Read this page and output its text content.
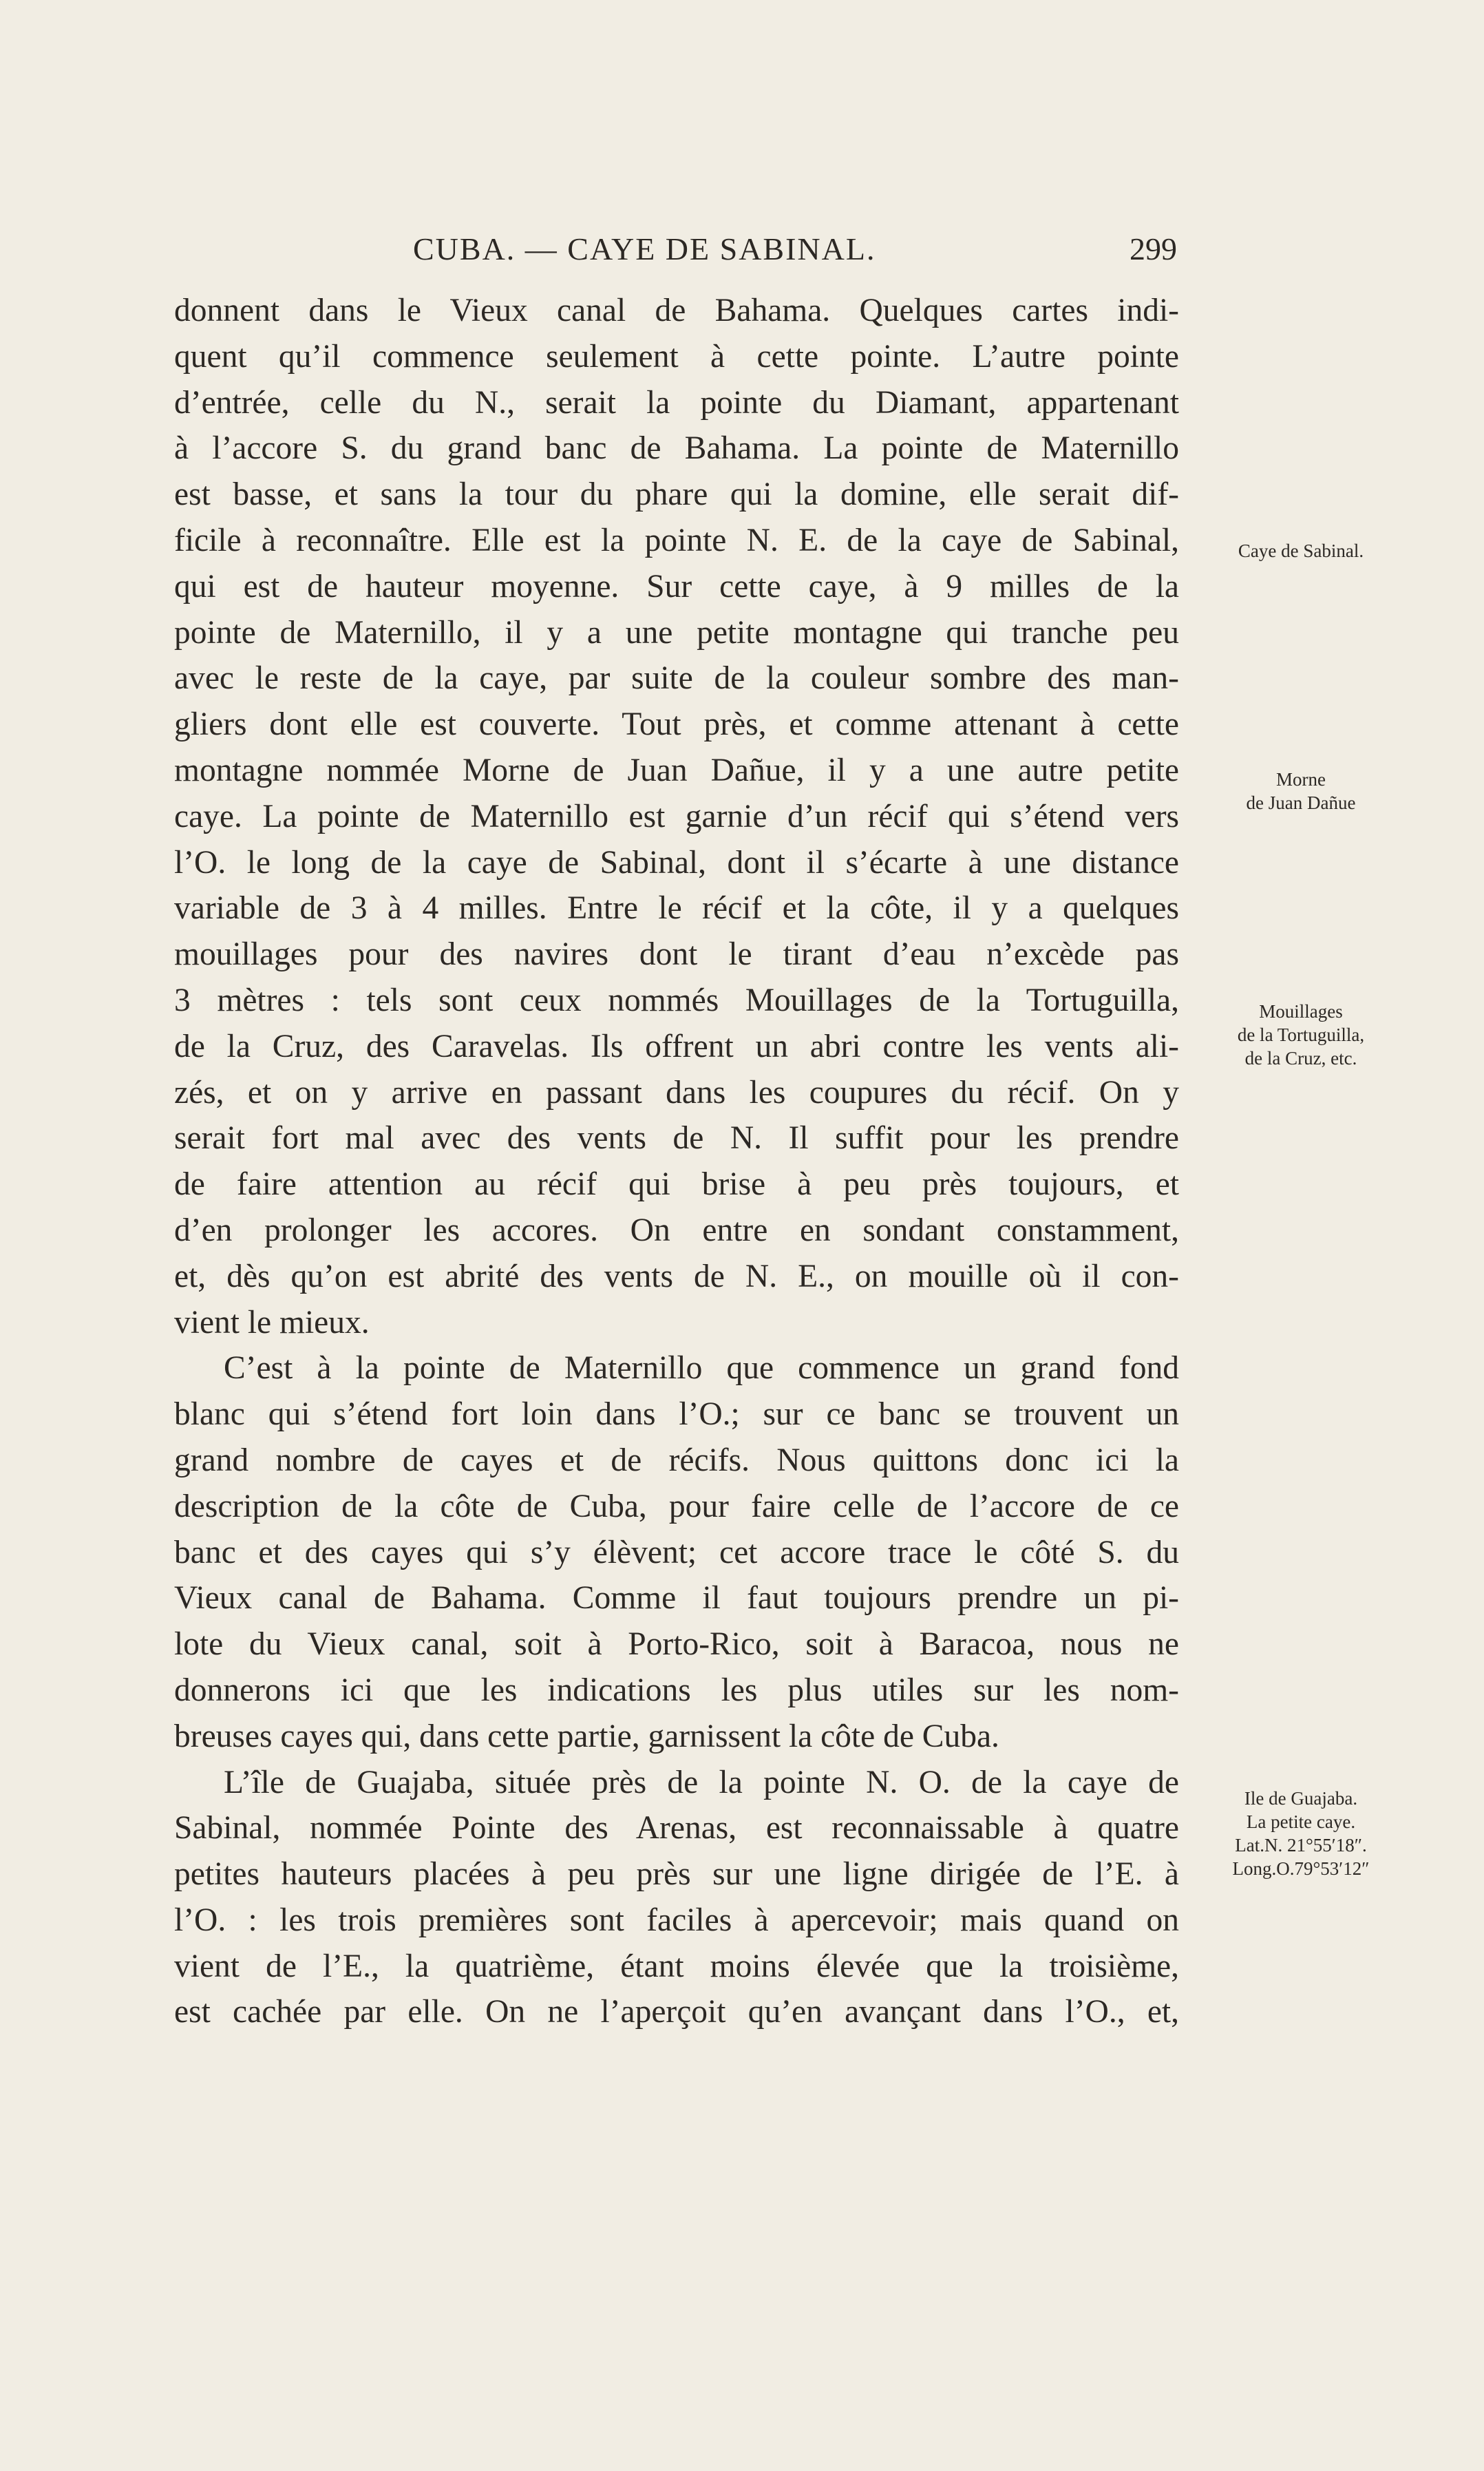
CUBA. — CAYE DE SABINAL.	299
donnent dans le Vieux canal de Bahama. Quelques cartes indi-
quent qu’il commence seulement à cette pointe. L’autre pointe
d’entrée, celle du N., serait la pointe du Diamant, appartenant
à l’accore S. du grand banc de Bahama. La pointe de Maternillo
est basse, et sans la tour du phare qui la domine, elle serait dif-
ficile à reconnaître. Elle est la pointe N. E. de la caye de Sabinal,
qui est de hauteur moyenne. Sur cette caye, à 9 milles de la
pointe de Maternillo, il y a une petite montagne qui tranche peu
avec le reste de la caye, par suite de la couleur sombre des man-
gliers dont elle est couverte. Tout près, et comme attenant à cette
montagne nommée Morne de Juan Dañue, il y a une autre petite
caye. La pointe de Maternillo est garnie d’un récif qui s’étend vers
l’O. le long de la caye de Sabinal, dont il s’écarte à une distance
variable de 3 à 4 milles. Entre le récif et la côte, il y a quelques
mouillages pour des navires dont le tirant d’eau n’excède pas
3 mètres : tels sont ceux nommés Mouillages de la Tortuguilla,
de la Cruz, des Caravelas. Ils offrent un abri contre les vents ali-
zés, et on y arrive en passant dans les coupures du récif. On y
serait fort mal avec des vents de N. Il suffit pour les prendre
de faire attention au récif qui brise à peu près toujours, et
d’en prolonger les accores. On entre en sondant constamment,
et, dès qu’on est abrité des vents de N. E., on mouille où il con-
vient le mieux.
C’est à la pointe de Maternillo que commence un grand fond
blanc qui s’étend fort loin dans l’O.; sur ce banc se trouvent un
grand nombre de cayes et de récifs. Nous quittons donc ici la
description de la côte de Cuba, pour faire celle de l’accore de ce
banc et des cayes qui s’y élèvent; cet accore trace le côté S. du
Vieux canal de Bahama. Comme il faut toujours prendre un pi-
lote du Vieux canal, soit à Porto-Rico, soit à Baracoa, nous ne
donnerons ici que les indications les plus utiles sur les nom-
breuses cayes qui, dans cette partie, garnissent la côte de Cuba.
L’île de Guajaba, située près de la pointe N. O. de la caye de
Sabinal, nommée Pointe des Arenas, est reconnaissable à quatre
petites hauteurs placées à peu près sur une ligne dirigée de l’E. à
l’O. : les trois premières sont faciles à apercevoir; mais quand on
vient de l’E., la quatrième, étant moins élevée que la troisième,
est cachée par elle. On ne l’aperçoit qu’en avançant dans l’O., et,
Caye de Sabinal.
Morne
de Juan Dañue
Mouillages
de la Tortuguilla,
de la Cruz, etc.
Ile de Guajaba.
La petite caye.
Lat.N. 21°55′18″.
Long.O.79°53′12″
